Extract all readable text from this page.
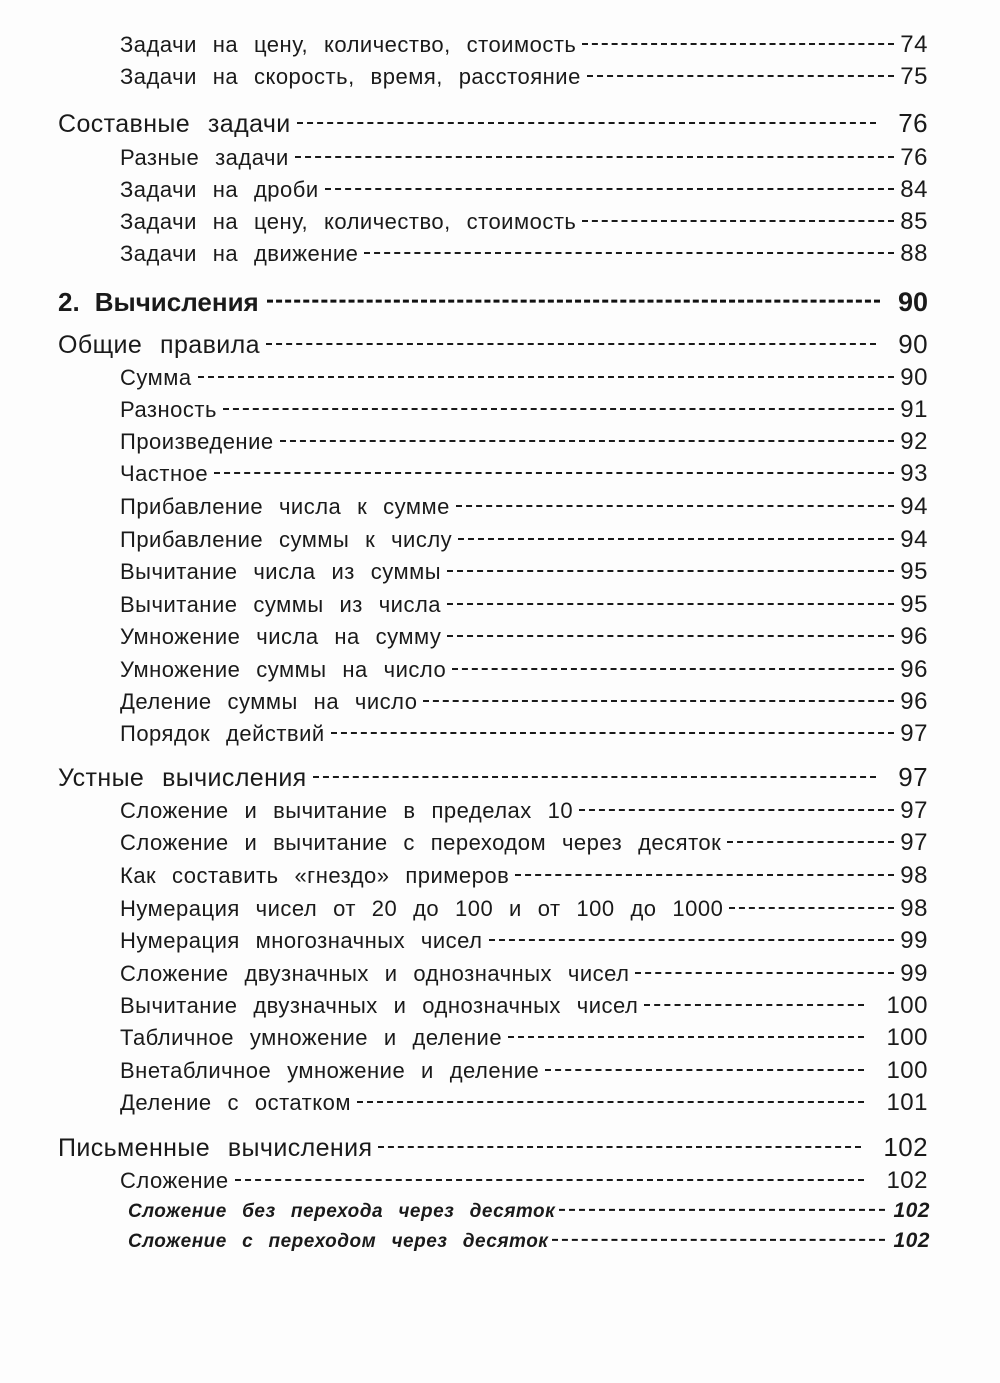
Задачи на цену, количество, стоимость	74
Задачи на скорость, время, расстояние	75
Составные задачи	76
Разные задачи	76
Задачи на дроби	84
Задачи на цену, количество, стоимость	85
Задачи на движение	88
2. Вычисления	90
Общие правила	90
Сумма	90
Разность	91
Произведение	92
Частное	93
Прибавление числа к сумме	94
Прибавление суммы к числу	94
Вычитание числа из суммы	95
Вычитание суммы из числа	95
Умножение числа на сумму	96
Умножение суммы на число	96
Деление суммы на число	96
Порядок действий	97
Устные вычисления	97
Сложение и вычитание в пределах 10	97
Сложение и вычитание с переходом через десяток	97
Как составить «гнездо» примеров	98
Нумерация чисел от 20 до 100 и от 100 до 1000	98
Нумерация многозначных чисел	99
Сложение двузначных и однозначных чисел	99
Вычитание двузначных и однозначных чисел	100
Табличное умножение и деление	100
Внетабличное умножение и деление	100
Деление с остатком	101
Письменные вычисления	102
Сложение	102
Сложение без перехода через десяток	102
Сложение с переходом через десяток	102
